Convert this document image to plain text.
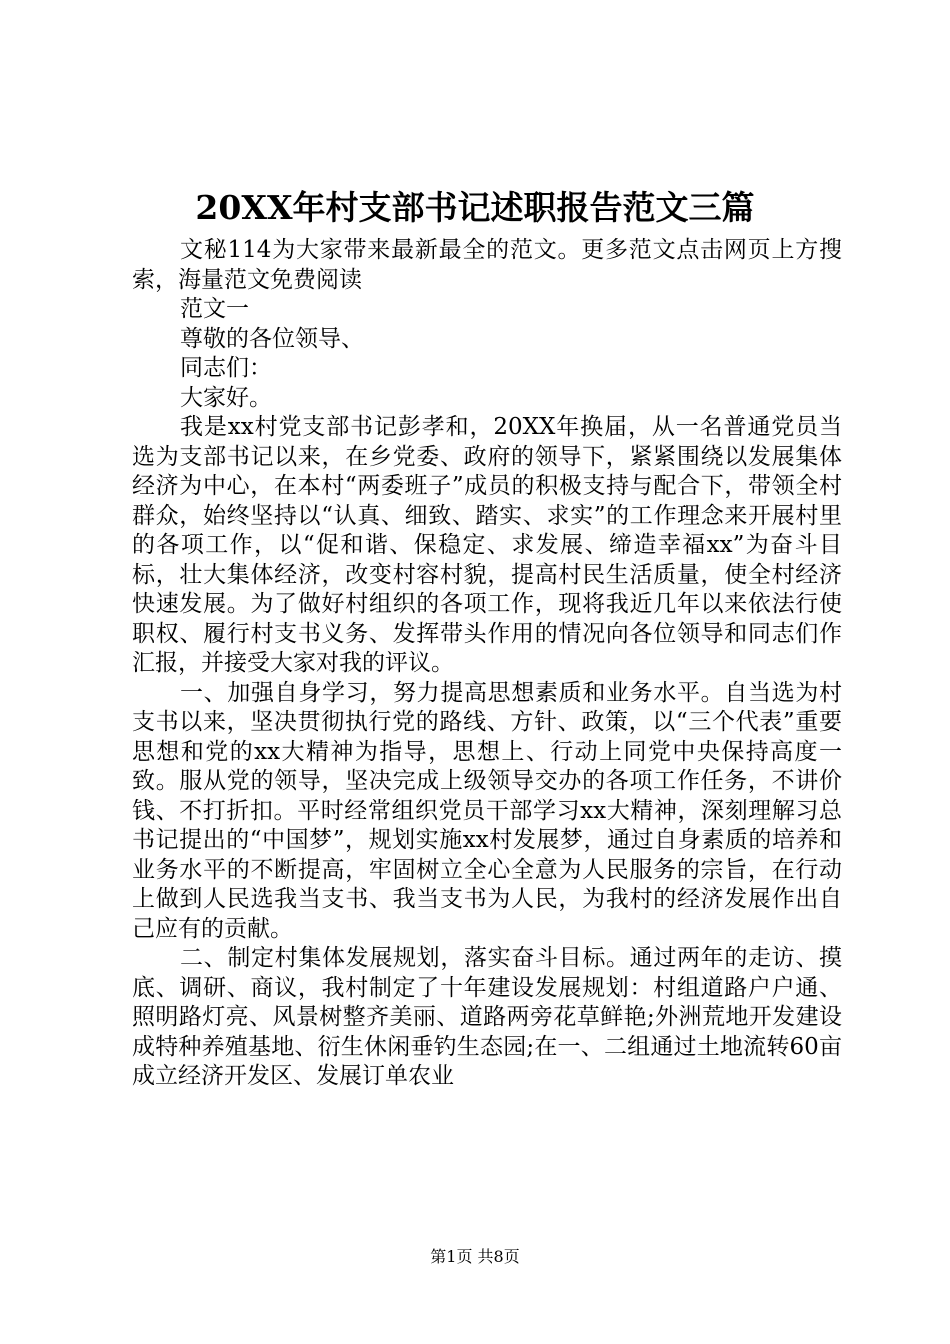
20XX年村支部书记述职报告范文三篇

文秘114为大家带来最新最全的范文。更多范文点击网页上方搜索，海量范文免费阅读

范文一

尊敬的各位领导、

同志们：

大家好。

我是xx村党支部书记彭孝和，20XX年换届，从一名普通党员当选为支部书记以来，在乡党委、政府的领导下，紧紧围绕以发展集体经济为中心，在本村“两委班子”成员的积极支持与配合下，带领全村群众，始终坚持以“认真、细致、踏实、求实”的工作理念来开展村里的各项工作，以“促和谐、保稳定、求发展、缔造幸福xx”为奋斗目标，壮大集体经济，改变村容村貌，提高村民生活质量，使全村经济快速发展。为了做好村组织的各项工作，现将我近几年以来依法行使职权、履行村支书义务、发挥带头作用的情况向各位领导和同志们作汇报，并接受大家对我的评议。

一、加强自身学习，努力提高思想素质和业务水平。自当选为村支书以来，坚决贯彻执行党的路线、方针、政策，以“三个代表”重要思想和党的xx大精神为指导，思想上、行动上同党中央保持高度一致。服从党的领导，坚决完成上级领导交办的各项工作任务，不讲价钱、不打折扣。平时经常组织党员干部学习xx大精神，深刻理解习总书记提出的“中国梦”，规划实施xx村发展梦，通过自身素质的培养和业务水平的不断提高，牢固树立全心全意为人民服务的宗旨，在行动上做到人民选我当支书、我当支书为人民，为我村的经济发展作出自己应有的贡献。

二、制定村集体发展规划，落实奋斗目标。通过两年的走访、摸底、调研、商议，我村制定了十年建设发展规划：村组道路户户通、照明路灯亮、风景树整齐美丽、道路两旁花草鲜艳;外洲荒地开发建设成特种养殖基地、衍生休闲垂钓生态园;在一、二组通过土地流转60亩成立经济开发区、发展订单农业

第1页 共8页
